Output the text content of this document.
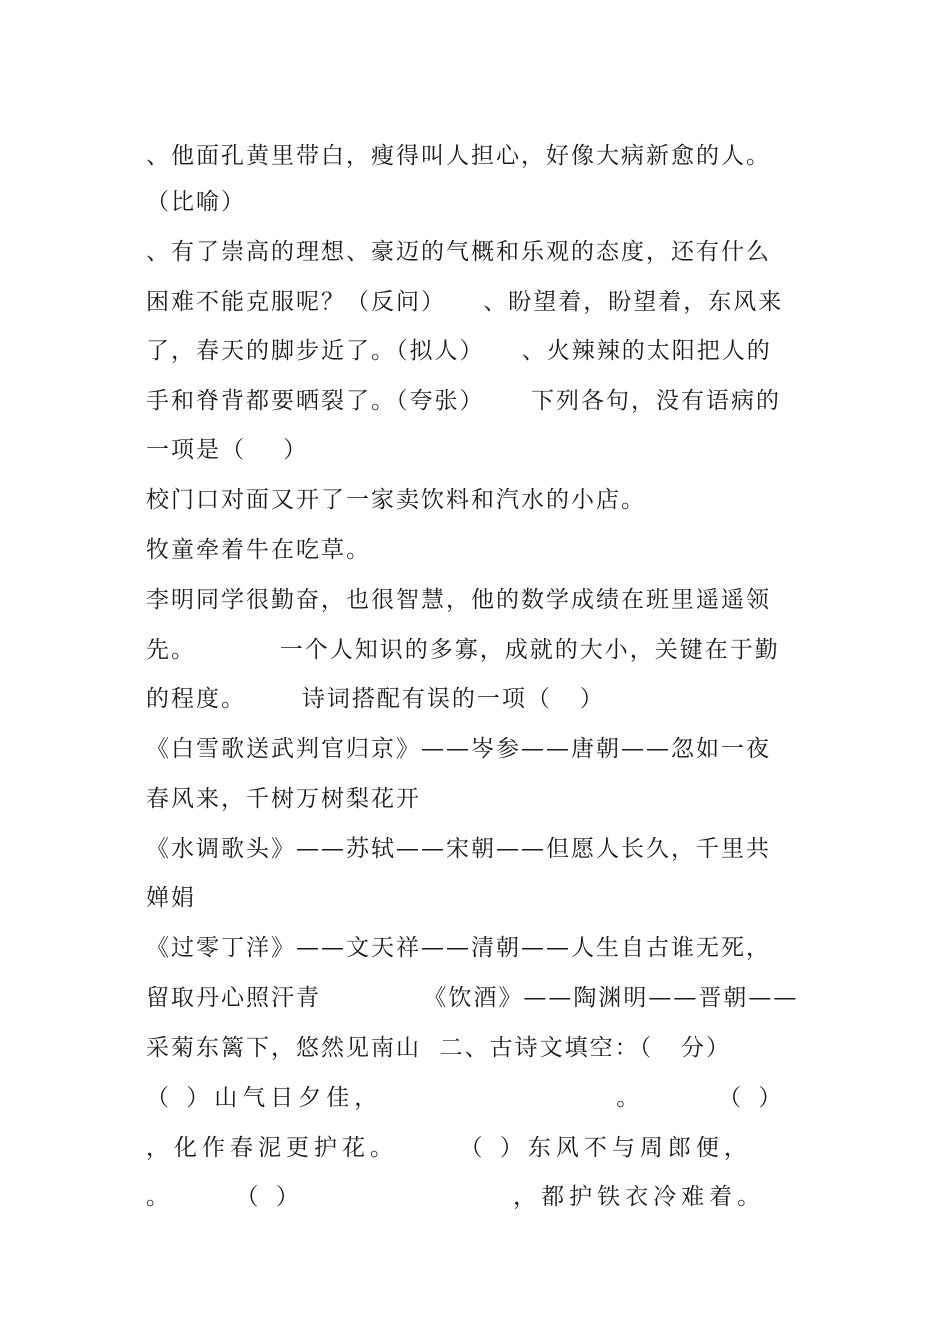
、他面孔黄里带白，瘦得叫人担心，好像大病新愈的人。
（比喻）
、有了崇高的理想、豪迈的气概和乐观的态度，还有什么
困难不能克服呢？（反问）    、盼望着，盼望着，东风来
了，春天的脚步近了。（拟人）    、火辣辣的太阳把人的
手和脊背都要晒裂了。（夸张）     下列各句，没有语病的
一项是（    ）
校门口对面又开了一家卖饮料和汽水的小店。
牧童牵着牛在吃草。
李明同学很勤奋，也很智慧，他的数学成绩在班里遥遥领
先。         一个人知识的多寡，成就的大小，关键在于勤
的程度。      诗词搭配有误的一项（   ）
《白雪歌送武判官归京》——岑参——唐朝——忽如一夜
春风来，千树万树梨花开
《水调歌头》——苏轼——宋朝——但愿人长久，千里共
婵娟
《过零丁洋》——文天祥——清朝——人生自古谁无死，
留取丹心照汗青           《饮酒》——陶渊明——晋朝——
采菊东篱下，悠然见南山  二、古诗文填空：（   分）
（ ）山气日夕佳，                   。      （ ）
，化作春泥更护花。     （ ）东风不与周郎便，
。     （ ）                 ，都护铁衣冷难着。
